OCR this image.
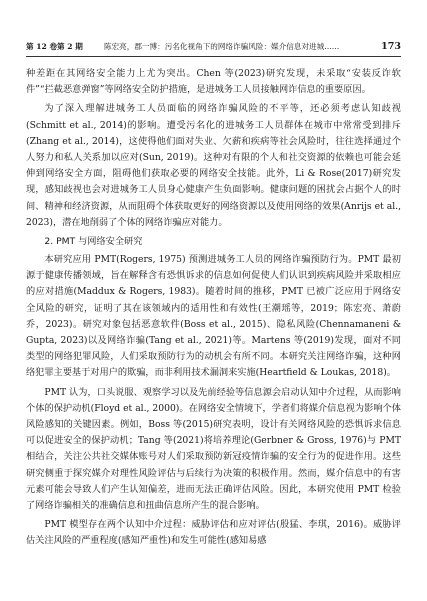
第 12 卷第 2 期	陈宏亮，郡一博：污名化视角下的网络诈骗风险：媒介信息对进城……	173

种差距在其网络安全能力上尤为突出。Chen 等(2023)研究发现，未采取“安装反诈软件”“拦截恶意弹窗”等网络安全防护措施，是进城务工人员接触网诈信息的重要原因。

为了深入理解进城务工人员面临的网络诈骗风险的不平等，还必须考虑认知歧视(Schmitt et al., 2014)的影响。遭受污名化的进城务工人员群体在城市中常常受到排斥(Zhang et al., 2014)，这使得他们面对失业、欠薪和疾病等社会风险时，往往选择通过个人努力和私人关系加以应对(Sun, 2019)。这种对有限的个人和社交资源的依赖也可能会延伸到网络安全方面，阻碍他们获取必要的网络安全技能。此外，Li & Rose(2017)研究发现，感知歧视也会对进城务工人员身心健康产生负面影响。健康问题的困扰会占据个人的时间、精神和经济资源，从而阻碍个体获取更好的网络资源以及使用网络的效果(Anrijs et al., 2023)，潜在地削弱了个体的网络诈骗应对能力。

2. PMT 与网络安全研究

本研究应用 PMT(Rogers, 1975) 预测进城务工人员的网络诈骗预防行为。PMT 最初源于健康传播领域，旨在解释含有恐惧诉求的信息如何促使人们认识到疾病风险并采取相应的应对措施(Maddux & Rogers, 1983)。随着时间的推移，PMT 已被广泛应用于网络安全风险的研究，证明了其在该领域内的适用性和有效性(王潮瑶等，2019；陈宏亮、萧蔚乔，2023)。研究对象包括恶意软件(Boss et al., 2015)、隐私风险(Chennamaneni & Gupta, 2023)以及网络诈骗(Tang et al., 2021)等。Martens 等(2019)发现，面对不同类型的网络犯罪风险，人们采取预防行为的动机会有所不同。本研究关注网络诈骗，这种网络犯罪主要基于对用户的欺骗，而非利用技术漏洞来实施(Heartfield & Loukas, 2018)。

PMT 认为，口头说服、观察学习以及先前经验等信息源会启动认知中介过程，从而影响个体的保护动机(Floyd et al., 2000)。在网络安全情境下，学者们将媒介信息视为影响个体风险感知的关键因素。例如，Boss 等(2015)研究表明，设计有关网络风险的恐惧诉求信息可以促进安全的保护动机；Tang 等(2021)将培养理论(Gerbner & Gross, 1976)与 PMT 相结合，关注公共社交媒体账号对人们采取预防新冠疫情诈骗的安全行为的促进作用。这些研究侧重于探究媒介对理性风险评估与后续行为决策的积极作用。然而，媒介信息中的有害元素可能会导致人们产生认知偏差，进而无法正确评估风险。因此，本研究使用 PMT 检验了网络诈骗相关的准确信息和扭曲信息所产生的混合影响。

PMT 模型存在两个认知中介过程：威胁评估和应对评估(殷猛、李琪，2016)。威胁评估关注风险的严重程度(感知严重性)和发生可能性(感知易感
